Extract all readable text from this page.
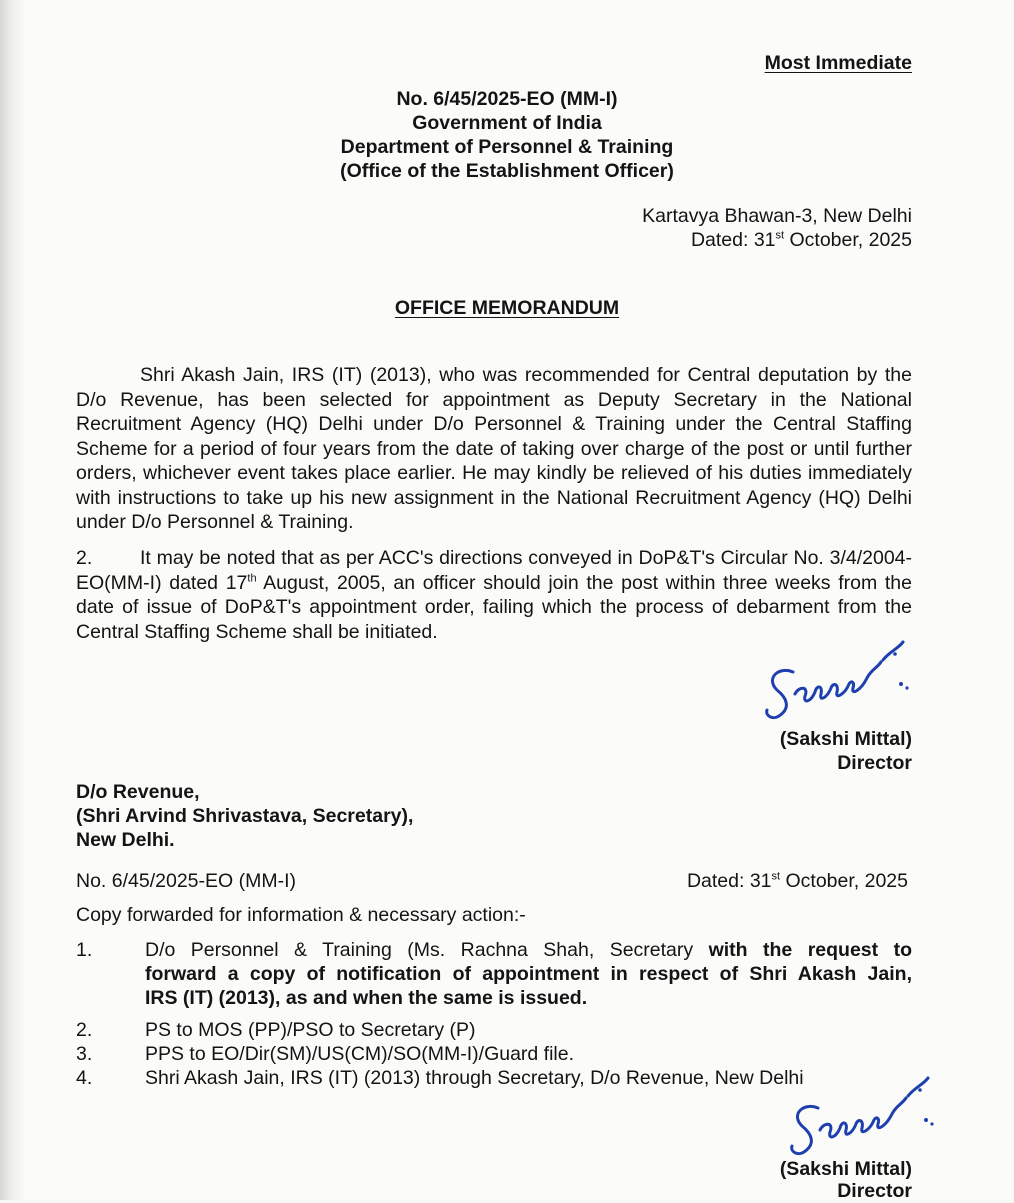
Most Immediate
No. 6/45/2025-EO (MM-I)
Government of India
Department of Personnel & Training
(Office of the Establishment Officer)
Kartavya Bhawan-3, New Delhi
Dated: 31st October, 2025
OFFICE MEMORANDUM
Shri Akash Jain, IRS (IT) (2013), who was recommended for Central deputation by the D/o Revenue, has been selected for appointment as Deputy Secretary in the National Recruitment Agency (HQ) Delhi under D/o Personnel & Training under the Central Staffing Scheme for a period of four years from the date of taking over charge of the post or until further orders, whichever event takes place earlier. He may kindly be relieved of his duties immediately with instructions to take up his new assignment in the National Recruitment Agency (HQ) Delhi under D/o Personnel & Training.
2. It may be noted that as per ACC's directions conveyed in DoP&T's Circular No. 3/4/2004-EO(MM-I) dated 17th August, 2005, an officer should join the post within three weeks from the date of issue of DoP&T's appointment order, failing which the process of debarment from the Central Staffing Scheme shall be initiated.
(Sakshi Mittal)
Director
D/o Revenue,
(Shri Arvind Shrivastava, Secretary),
New Delhi.
No. 6/45/2025-EO (MM-I)	Dated: 31st October, 2025
Copy forwarded for information & necessary action:-
1.	D/o Personnel & Training (Ms. Rachna Shah, Secretary with the request to
forward a copy of notification of appointment in respect of Shri Akash Jain,
IRS (IT) (2013), as and when the same is issued.
2.	PS to MOS (PP)/PSO to Secretary (P)
3.	PPS to EO/Dir(SM)/US(CM)/SO(MM-I)/Guard file.
4.	Shri Akash Jain, IRS (IT) (2013) through Secretary, D/o Revenue, New Delhi
(Sakshi Mittal)
Director
